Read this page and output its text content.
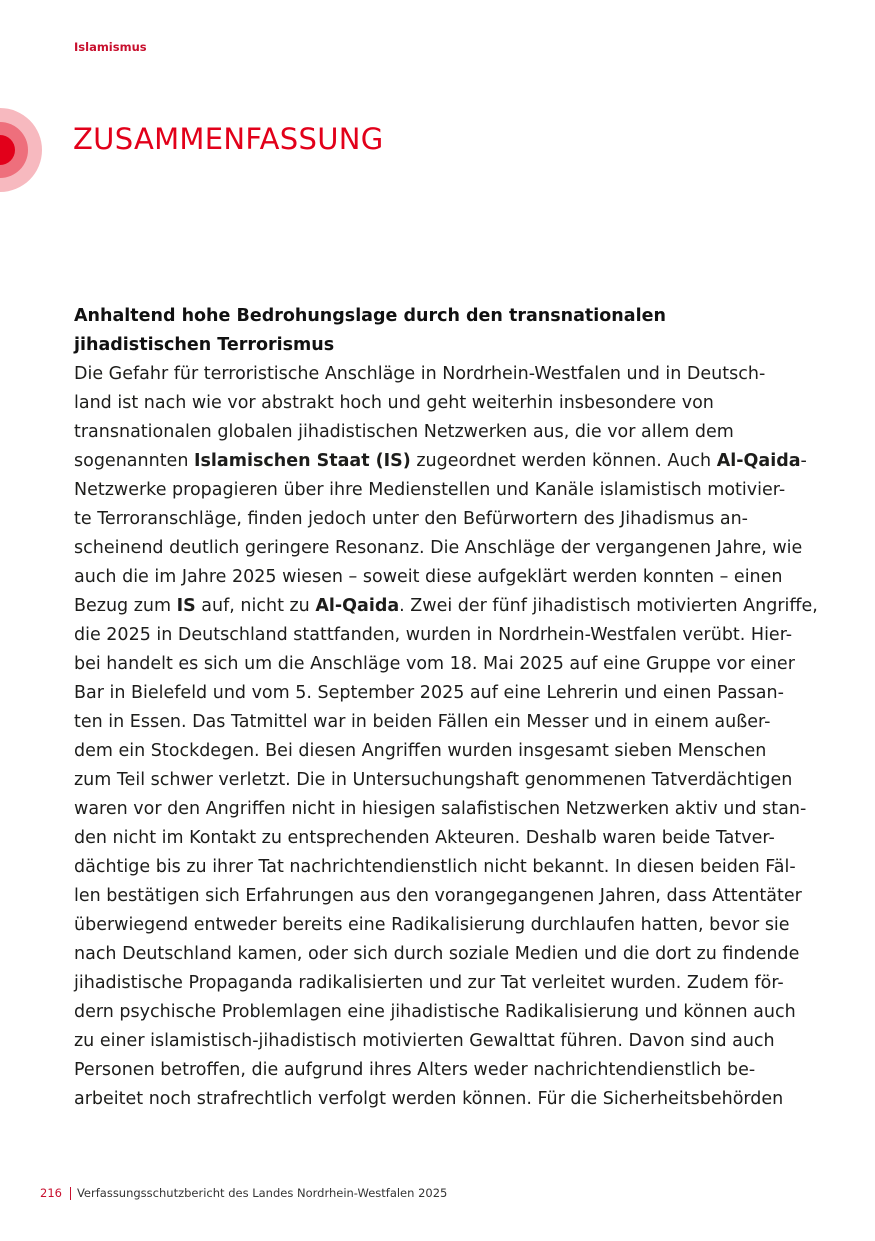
Islamismus
ZUSAMMENFASSUNG
Anhaltend hohe Bedrohungslage durch den transnationalen
jihadistischen Terrorismus

Die Gefahr für terroristische Anschläge in Nordrhein-Westfalen und in Deutsch-
land ist nach wie vor abstrakt hoch und geht weiterhin insbesondere von
transnationalen globalen jihadistischen Netzwerken aus, die vor allem dem
sogenannten Islamischen Staat (IS) zugeordnet werden können. Auch Al-Qaida-
Netzwerke propagieren über ihre Medienstellen und Kanäle islamistisch motivier-
te Terroranschläge, finden jedoch unter den Befürwortern des Jihadismus an-
scheinend deutlich geringere Resonanz. Die Anschläge der vergangenen Jahre, wie
auch die im Jahre 2025 wiesen – soweit diese aufgeklärt werden konnten – einen
Bezug zum IS auf, nicht zu Al-Qaida. Zwei der fünf jihadistisch motivierten Angriffe,
die 2025 in Deutschland stattfanden, wurden in Nordrhein-Westfalen verübt. Hier-
bei handelt es sich um die Anschläge vom 18. Mai 2025 auf eine Gruppe vor einer
Bar in Bielefeld und vom 5. September 2025 auf eine Lehrerin und einen Passan-
ten in Essen. Das Tatmittel war in beiden Fällen ein Messer und in einem außer-
dem ein Stockdegen. Bei diesen Angriffen wurden insgesamt sieben Menschen
zum Teil schwer verletzt. Die in Untersuchungshaft genommenen Tatverdächtigen
waren vor den Angriffen nicht in hiesigen salafistischen Netzwerken aktiv und stan-
den nicht im Kontakt zu entsprechenden Akteuren. Deshalb waren beide Tatver-
dächtige bis zu ihrer Tat nachrichtendienstlich nicht bekannt. In diesen beiden Fäl-
len bestätigen sich Erfahrungen aus den vorangegangenen Jahren, dass Attentäter
überwiegend entweder bereits eine Radikalisierung durchlaufen hatten, bevor sie
nach Deutschland kamen, oder sich durch soziale Medien und die dort zu findende
jihadistische Propaganda radikalisierten und zur Tat verleitet wurden. Zudem för-
dern psychische Problemlagen eine jihadistische Radikalisierung und können auch
zu einer islamistisch-jihadistisch motivierten Gewalttat führen. Davon sind auch
Personen betroffen, die aufgrund ihres Alters weder nachrichtendienstlich be-
arbeitet noch strafrechtlich verfolgt werden können. Für die Sicherheitsbehörden

216 Verfassungsschutzbericht des Landes Nordrhein-Westfalen 2025
